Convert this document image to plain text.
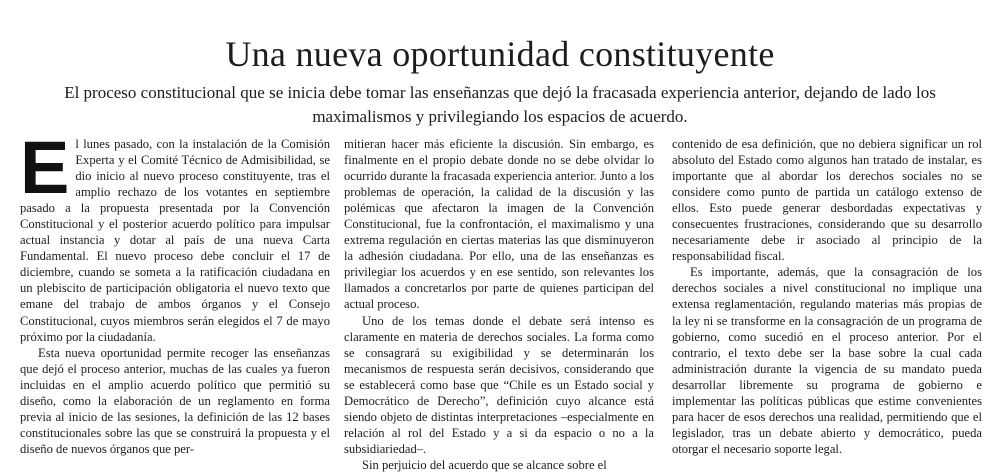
Una nueva oportunidad constituyente
El proceso constitucional que se inicia debe tomar las enseñanzas que dejó la fracasada experiencia anterior, dejando de lado los maximalismos y privilegiando los espacios de acuerdo.

El lunes pasado, con la instalación de la Comisión Experta y el Comité Técnico de Admisibilidad, se dio inicio al nuevo proceso constituyente, tras el amplio rechazo de los votantes en septiembre pasado a la propuesta presentada por la Convención Constitucional y el posterior acuerdo político para impulsar actual instancia y dotar al país de una nueva Carta Fundamental. El nuevo proceso debe concluir el 17 de diciembre, cuando se someta a la ratificación ciudadana en un plebiscito de participación obligatoria el nuevo texto que emane del trabajo de ambos órganos y el Consejo Constitucional, cuyos miembros serán elegidos el 7 de mayo próximo por la ciudadanía.

Esta nueva oportunidad permite recoger las enseñanzas que dejó el proceso anterior, muchas de las cuales ya fueron incluidas en el amplio acuerdo político que permitió su diseño, como la elaboración de un reglamento en forma previa al inicio de las sesiones, la definición de las 12 bases constitucionales sobre las que se construirá la propuesta y el diseño de nuevos órganos que per-

mitieran hacer más eficiente la discusión. Sin embargo, es finalmente en el propio debate donde no se debe olvidar lo ocurrido durante la fracasada experiencia anterior. Junto a los problemas de operación, la calidad de la discusión y las polémicas que afectaron la imagen de la Convención Constitucional, fue la confrontación, el maximalismo y una extrema regulación en ciertas materias las que disminuyeron la adhesión ciudadana. Por ello, una de las enseñanzas es privilegiar los acuerdos y en ese sentido, son relevantes los llamados a concretarlos por parte de quienes participan del actual proceso.

Uno de los temas donde el debate será intenso es claramente en materia de derechos sociales. La forma como se consagrará su exigibilidad y se determinarán los mecanismos de respuesta serán decisivos, considerando que se establecerá como base que “Chile es un Estado social y Democrático de Derecho”, definición cuyo alcance está siendo objeto de distintas interpretaciones –especialmente en relación al rol del Estado y a si da espacio o no a la subsidiariedad–.

Sin perjuicio del acuerdo que se alcance sobre el

contenido de esa definición, que no debiera significar un rol absoluto del Estado como algunos han tratado de instalar, es importante que al abordar los derechos sociales no se considere como punto de partida un catálogo extenso de ellos. Esto puede generar desbordadas expectativas y consecuentes frustraciones, considerando que su desarrollo necesariamente debe ir asociado al principio de la responsabilidad fiscal.

Es importante, además, que la consagración de los derechos sociales a nivel constitucional no implique una extensa reglamentación, regulando materias más propias de la ley ni se transforme en la consagración de un programa de gobierno, como sucedió en el proceso anterior. Por el contrario, el texto debe ser la base sobre la cual cada administración durante la vigencia de su mandato pueda desarrollar libremente su programa de gobierno e implementar las políticas públicas que estime convenientes para hacer de esos derechos una realidad, permitiendo que el legislador, tras un debate abierto y democrático, pueda otorgar el necesario soporte legal.
